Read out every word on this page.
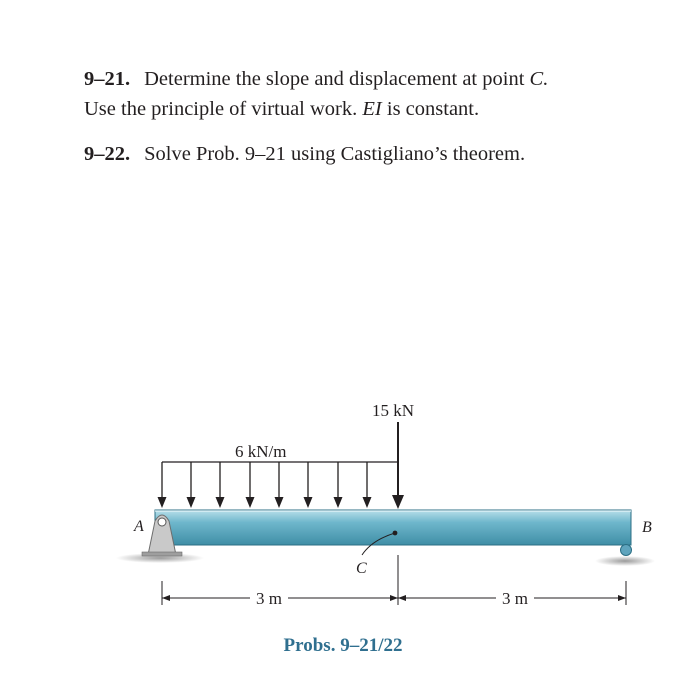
9–21. Determine the slope and displacement at point C.
Use the principle of virtual work. EI is constant.

9–22. Solve Prob. 9–21 using Castigliano’s theorem.

6 kN/m
15 kN
C
A	B
3 m	3 m
Probs. 9–21/22
